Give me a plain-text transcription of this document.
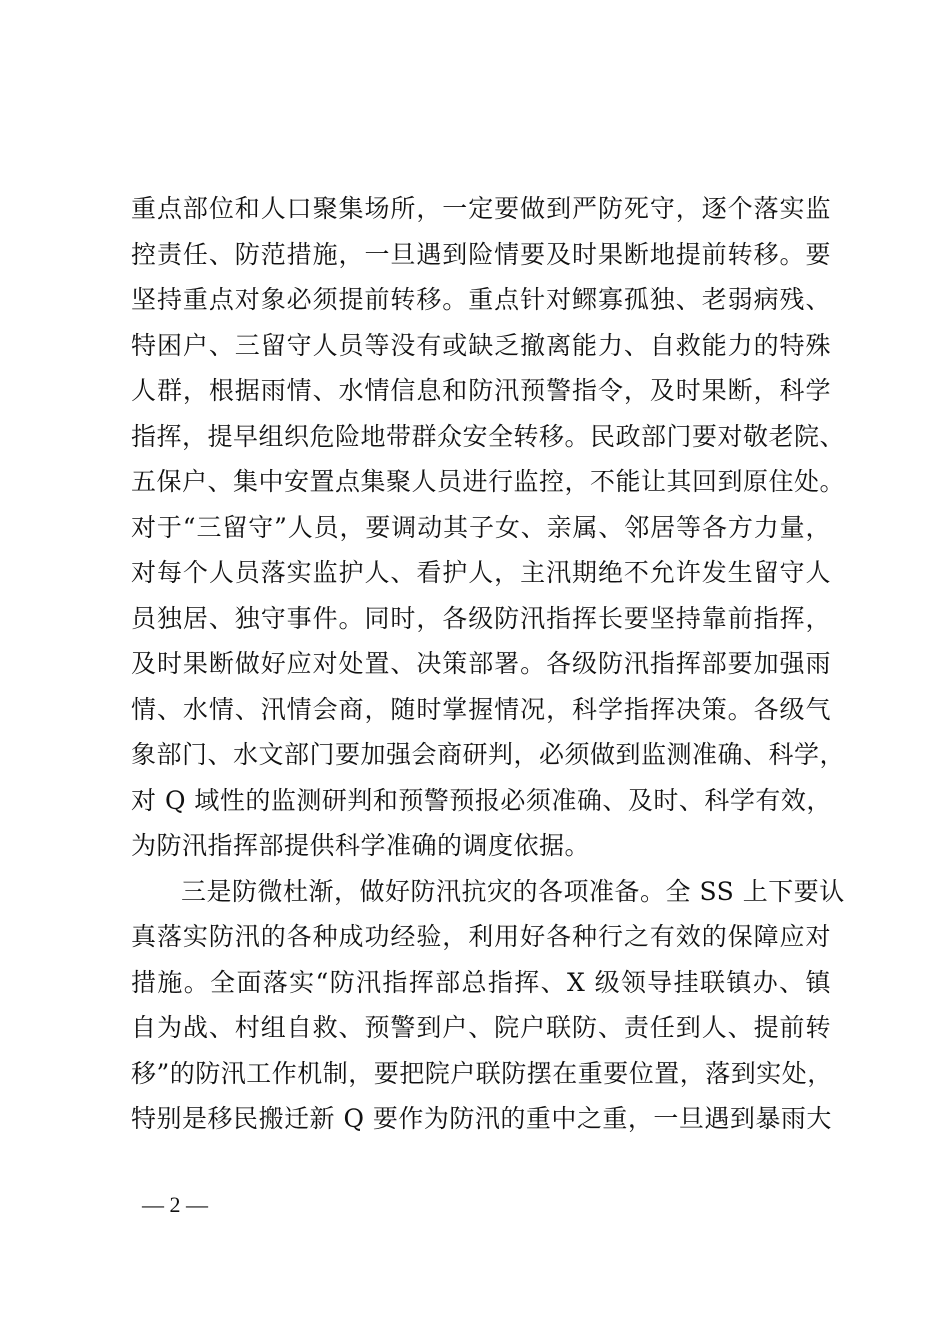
重点部位和人口聚集场所，一定要做到严防死守，逐个落实监
控责任、防范措施，一旦遇到险情要及时果断地提前转移。要
坚持重点对象必须提前转移。重点针对鳏寡孤独、老弱病残、
特困户、三留守人员等没有或缺乏撤离能力、自救能力的特殊
人群，根据雨情、水情信息和防汛预警指令，及时果断，科学
指挥，提早组织危险地带群众安全转移。民政部门要对敬老院、
五保户、集中安置点集聚人员进行监控，不能让其回到原住处。
对于“三留守”人员，要调动其子女、亲属、邻居等各方力量，
对每个人员落实监护人、看护人，主汛期绝不允许发生留守人
员独居、独守事件。同时，各级防汛指挥长要坚持靠前指挥，
及时果断做好应对处置、决策部署。各级防汛指挥部要加强雨
情、水情、汛情会商，随时掌握情况，科学指挥决策。各级气
象部门、水文部门要加强会商研判，必须做到监测准确、科学，
对 Q 域性的监测研判和预警预报必须准确、及时、科学有效，
为防汛指挥部提供科学准确的调度依据。
三是防微杜渐，做好防汛抗灾的各项准备。全 SS 上下要认
真落实防汛的各种成功经验，利用好各种行之有效的保障应对
措施。全面落实“防汛指挥部总指挥、X 级领导挂联镇办、镇
自为战、村组自救、预警到户、院户联防、责任到人、提前转
移”的防汛工作机制，要把院户联防摆在重要位置，落到实处，
特别是移民搬迁新 Q 要作为防汛的重中之重，一旦遇到暴雨大
— 2 —
